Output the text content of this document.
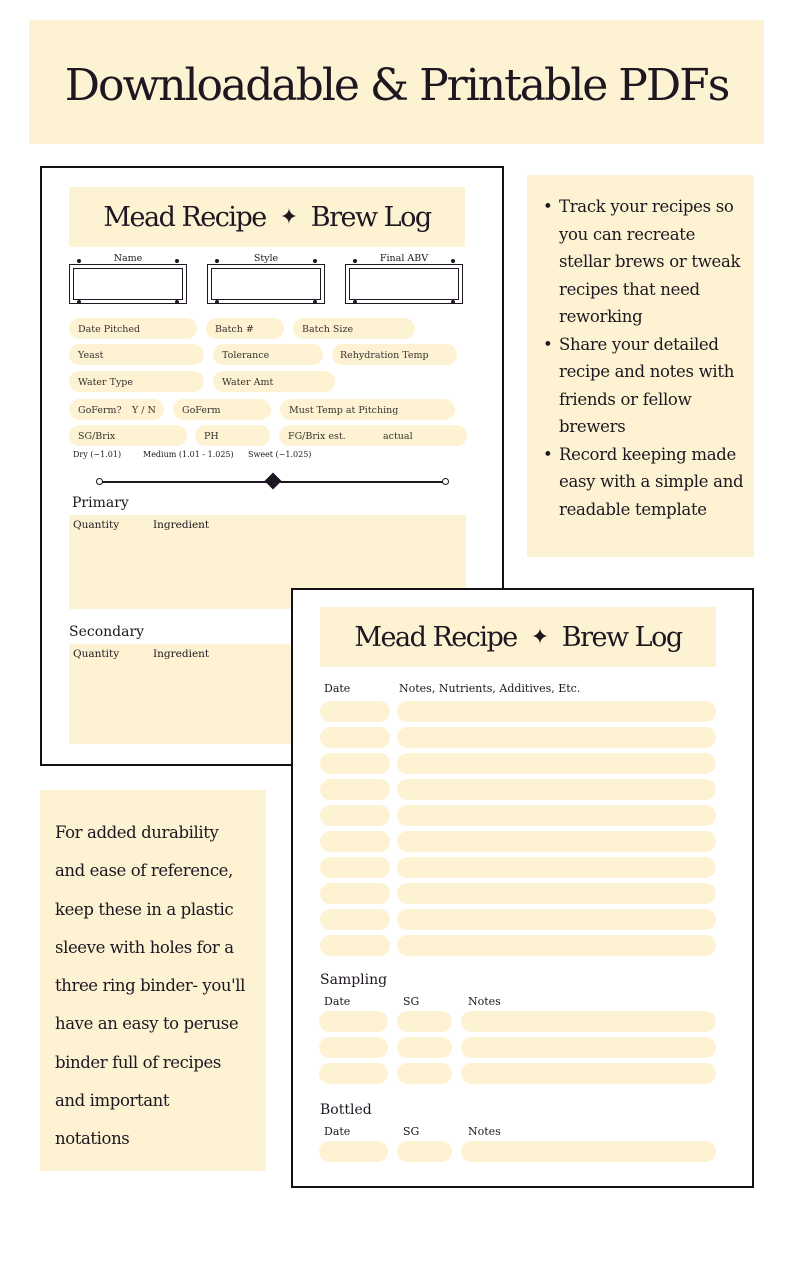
Downloadable & Printable PDFs
• Track your recipes so you can recreate stellar brews or tweak recipes that need reworking
• Share your detailed recipe and notes with friends or fellow brewers
• Record keeping made easy with a simple and readable template

For added durability

and ease of reference,

keep these in a plastic

sleeve with holes for a

three ring binder- you'll

have an easy to peruse

binder full of recipes

and important

notations

Mead Recipe ✦ Brew Log
Name	Style	Final ABV
Date Pitched	Batch #	Batch Size
Yeast	Tolerance	Rehydration Temp
Water Type	Water Amt
GoFerm? Y / N	GoFerm	Must Temp at Pitching
SG/Brix	PH	FG/Brix est.	actual
Dry (~1.01)	Medium (1.01 - 1.025) Sweet (~1.025)
Primary
Quantity	Ingredient
Secondary
Quantity	Ingredient
Mead Recipe ✦ Brew Log
Date	Notes, Nutrients, Additives, Etc.
Sampling
Date	SG	Notes
Bottled
Date	SG	Notes
